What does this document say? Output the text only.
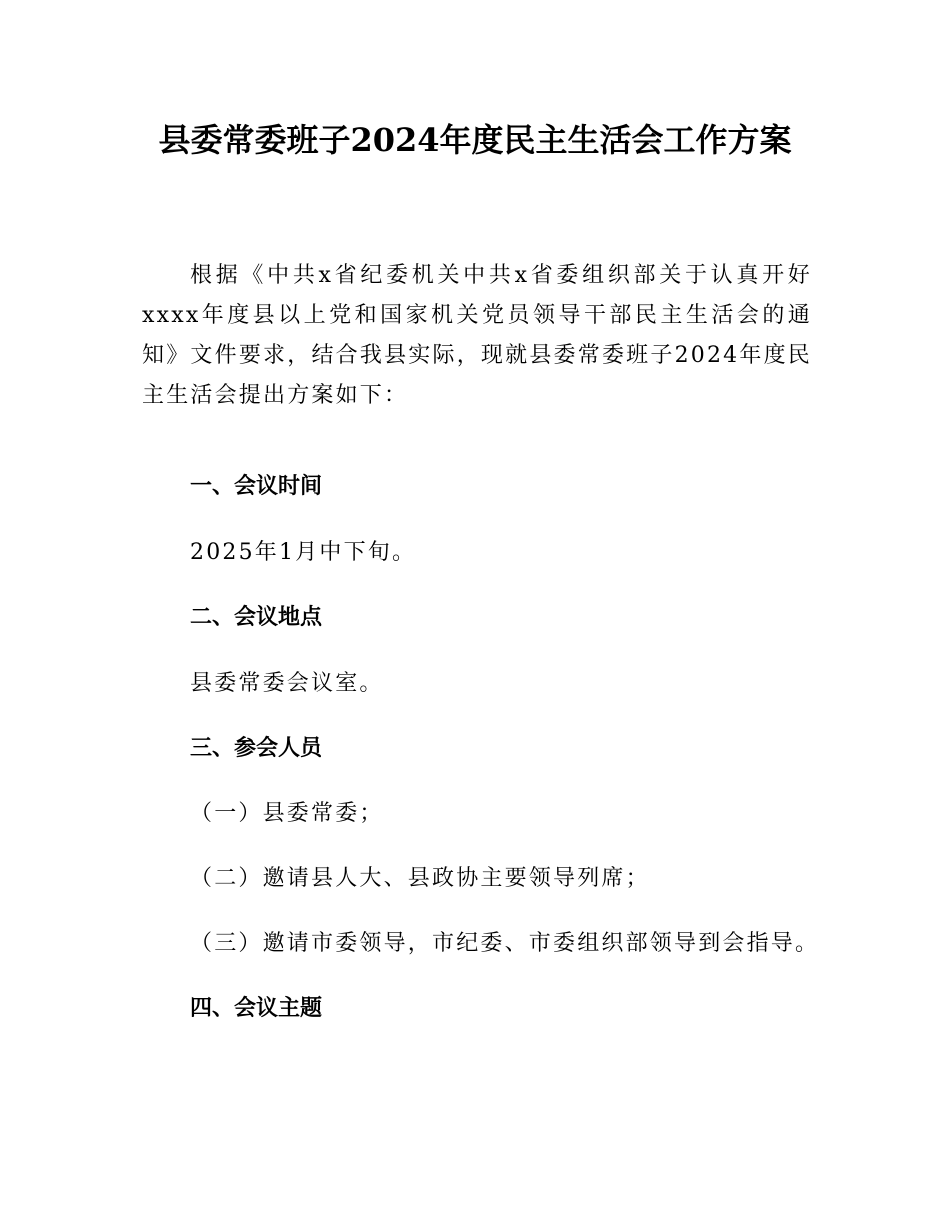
县委常委班子2024年度民主生活会工作方案

根据《中共x省纪委机关中共x省委组织部关于认真开好xxxx年度县以上党和国家机关党员领导干部民主生活会的通知》文件要求，结合我县实际，现就县委常委班子2024年度民主生活会提出方案如下：

一、会议时间
2025年1月中下旬。
二、会议地点
县委常委会议室。
三、参会人员
（一）县委常委；
（二）邀请县人大、县政协主要领导列席；
（三）邀请市委领导，市纪委、市委组织部领导到会指导。
四、会议主题
